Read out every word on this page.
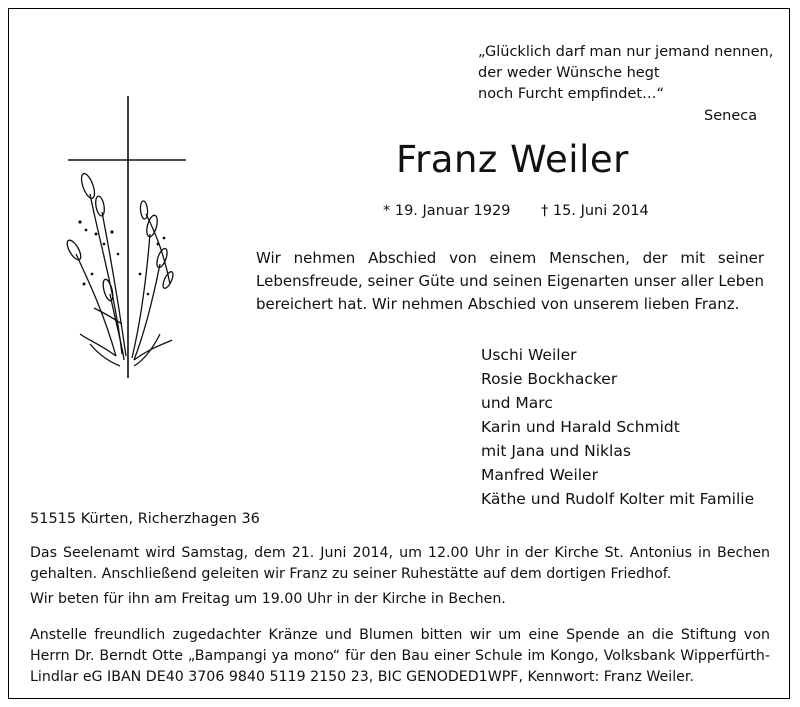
„Glücklich darf man nur jemand nennen,
der weder Wünsche hegt
noch Furcht empfindet…“
Seneca
Franz Weiler
* 19. Januar 1929 † 15. Juni 2014
Wir nehmen Abschied von einem Menschen, der mit seiner Lebensfreude, seiner Güte und seinen Eigenarten unser aller Leben bereichert hat. Wir nehmen Abschied von unserem lieben Franz.
Uschi Weiler
Rosie Bockhacker
und Marc
Karin und Harald Schmidt
mit Jana und Niklas
Manfred Weiler
Käthe und Rudolf Kolter mit Familie
51515 Kürten, Richerzhagen 36
Das Seelenamt wird Samstag, dem 21. Juni 2014, um 12.00 Uhr in der Kirche St. Antonius in Bechen gehalten. Anschließend geleiten wir Franz zu seiner Ruhestätte auf dem dortigen Friedhof.
Wir beten für ihn am Freitag um 19.00 Uhr in der Kirche in Bechen.
Anstelle freundlich zugedachter Kränze und Blumen bitten wir um eine Spende an die Stiftung von Herrn Dr. Berndt Otte „Bampangi ya mono“ für den Bau einer Schule im Kongo, Volksbank Wipperfürth-Lindlar eG IBAN DE40 3706 9840 5119 2150 23, BIC GENODED1WPF, Kennwort: Franz Weiler.
